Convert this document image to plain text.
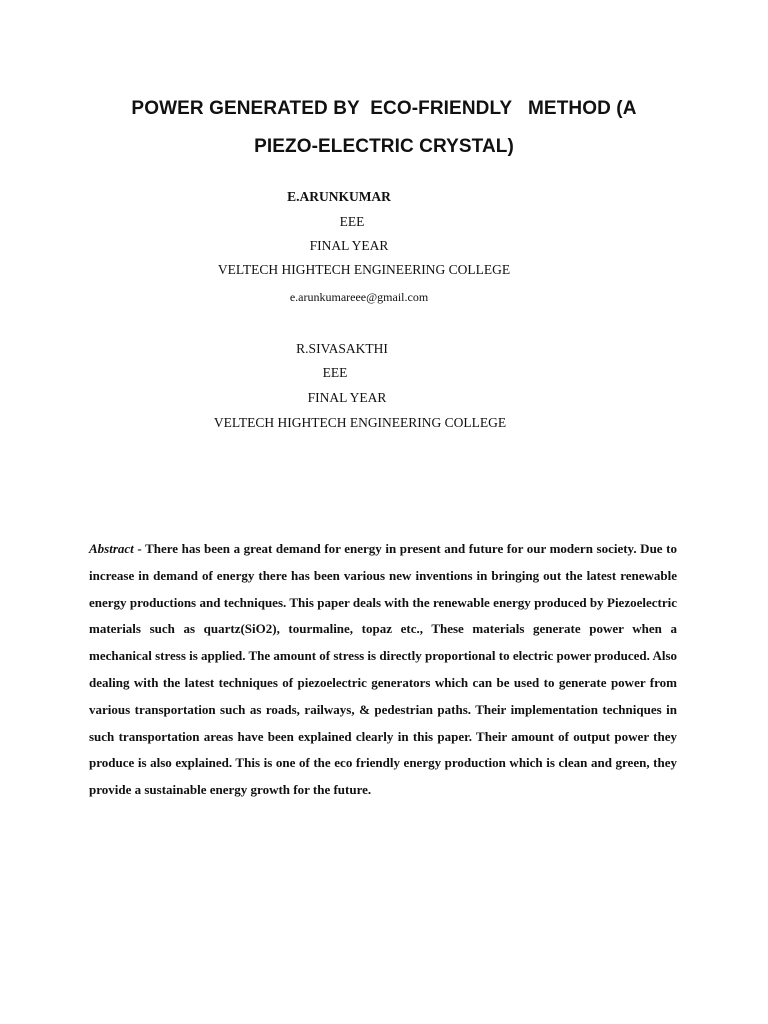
POWER GENERATED BY  ECO-FRIENDLY   METHOD (A
PIEZO-ELECTRIC CRYSTAL)

E.ARUNKUMAR

EEE

FINAL YEAR

VELTECH HIGHTECH ENGINEERING COLLEGE

e.arunkumareee@gmail.com

R.SIVASAKTHI

EEE

FINAL YEAR

VELTECH HIGHTECH ENGINEERING COLLEGE

Abstract - There has been a great demand for energy in present and future for our modern society. Due to increase in demand of energy there has been various new inventions in bringing out the latest renewable energy productions and techniques. This paper deals with the renewable energy produced by Piezoelectric materials such as quartz(SiO2), tourmaline, topaz etc., These materials generate power when a mechanical stress is applied. The amount of stress is directly proportional to electric power produced. Also dealing with the latest techniques of piezoelectric generators which can be used to generate power from various transportation such as roads, railways, & pedestrian paths. Their implementation techniques in such transportation areas have been explained clearly in this paper. Their amount of output power they produce is also explained. This is one of the eco friendly energy production which is clean and green, they provide a sustainable energy growth for the future.
